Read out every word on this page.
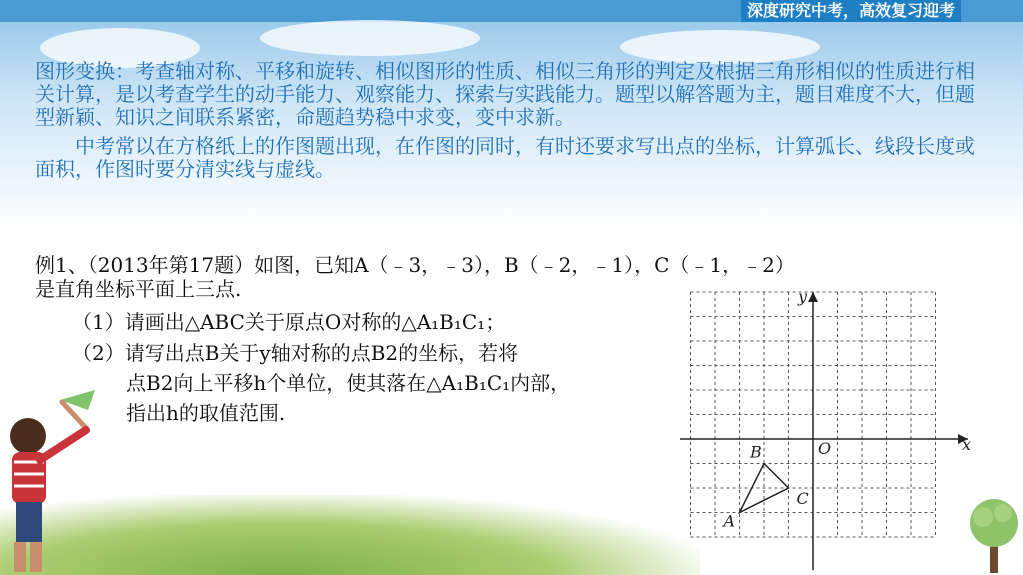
深度研究中考，高效复习迎考

图形变换：考查轴对称、平移和旋转、相似图形的性质、相似三角形的判定及根据三角形相似的性质进行相关计算，是以考查学生的动手能力、观察能力、探索与实践能力。题型以解答题为主，题目难度不大，但题型新颖、知识之间联系紧密，命题趋势稳中求变，变中求新。

中考常以在方格纸上的作图题出现，在作图的同时，有时还要求写出点的坐标，计算弧长、线段长度或面积，作图时要分清实线与虚线。

例1、（2013年第17题）如图，已知A（﹣3，﹣3），B（﹣2，﹣1），C（﹣1，﹣2）
是直角坐标平面上三点.
（1）请画出△ABC关于原点O对称的△A₁B₁C₁；
（2）请写出点B关于y轴对称的点B2的坐标，若将
点B2向上平移h个单位，使其落在△A₁B₁C₁内部，
指出h的取值范围.
x
y
O
A
B
C
